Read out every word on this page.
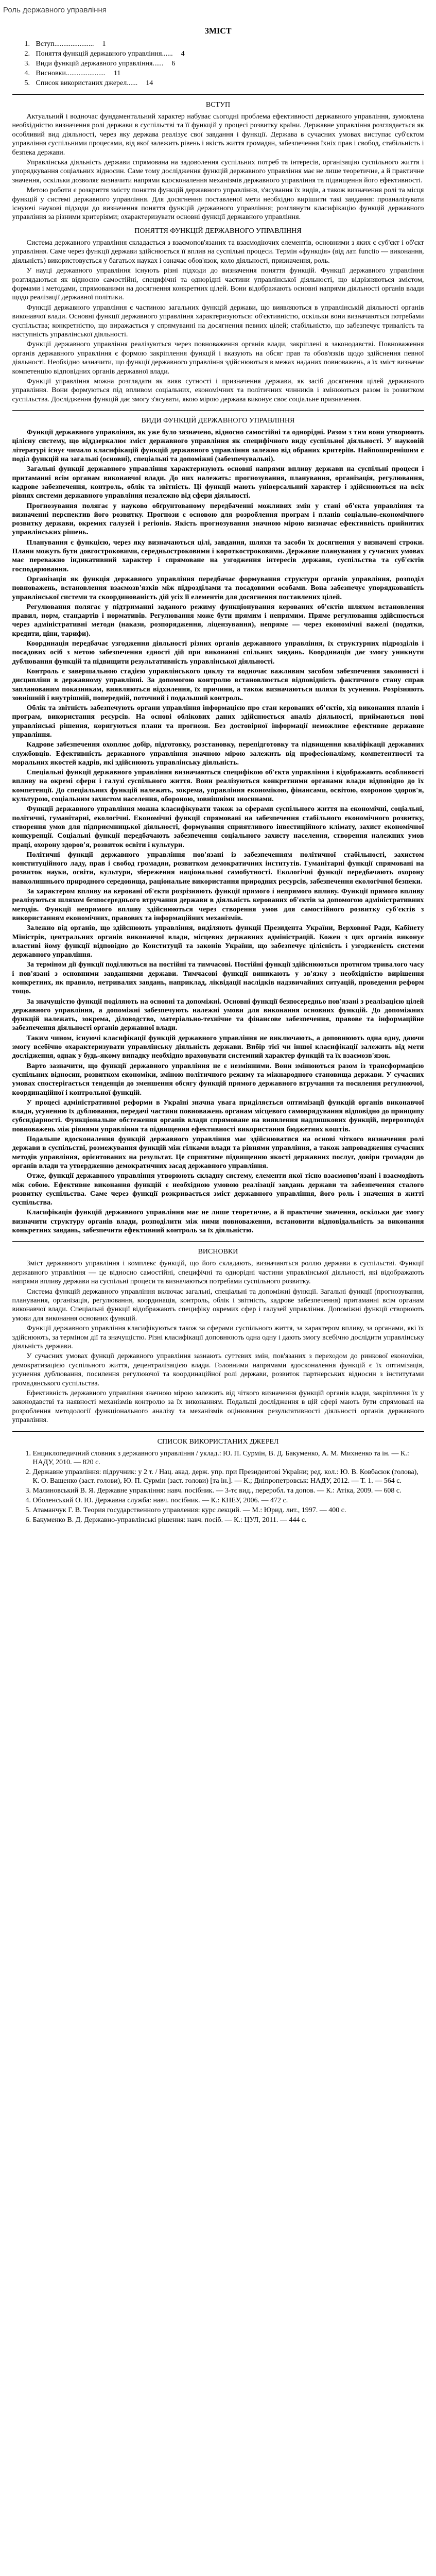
Роль державного управління
ЗМІСТ
1. Вступ ...................... 1
2. Поняття функцій державного управління ...... 4
3. Види функцій державного управління ...... 6
4. Висновки ...................... 11
5. Список використаних джерел ...... 14
ВСТУП

Актуальний і водночас фундаментальний характер набуває сьогодні проблема ефективності державного управління, зумовлена необхідністю визначення ролі держави в суспільстві та її функцій у процесі розвитку країни. Державне управління розглядається як особливий вид діяльності, через яку держава реалізує свої завдання і функції. Держава в сучасних умовах виступає суб'єктом управління суспільними процесами, від якої залежить рівень і якість життя громадян, забезпечення їхніх прав і свобод, стабільність і безпека держави.

Управлінська діяльність держави спрямована на задоволення суспільних потреб та інтересів, організацію суспільного життя і упорядкування соціальних відносин. Саме тому дослідження функцій державного управління має не лише теоретичне, а й практичне значення, оскільки дозволяє визначити напрями вдосконалення механізмів державного управління та підвищення його ефективності.

Метою роботи є розкриття змісту поняття функцій державного управління, з'ясування їх видів, а також визначення ролі та місця функцій у системі державного управління. Для досягнення поставленої мети необхідно вирішити такі завдання: проаналізувати існуючі наукові підходи до визначення поняття функцій державного управління; розглянути класифікацію функцій державного управління за різними критеріями; охарактеризувати основні функції державного управління.

ПОНЯТТЯ ФУНКЦІЙ ДЕРЖАВНОГО УПРАВЛІННЯ

Система державного управління складається з взаємопов'язаних та взаємодіючих елементів, основними з яких є суб'єкт і об'єкт управління. Саме через функції держави здійснюється її вплив на суспільні процеси. Термін «функція» (від лат. functio — виконання, діяльність) використовується у багатьох науках і означає обов'язок, коло діяльності, призначення, роль.

У науці державного управління існують різні підходи до визначення поняття функцій. Функції державного управління розглядаються як відносно самостійні, специфічні та однорідні частини управлінської діяльності, що відрізняються змістом, формами і методами, спрямованими на досягнення конкретних цілей. Вони відображають основні напрями діяльності органів влади щодо реалізації державної політики.

Функції державного управління є частиною загальних функцій держави, що виявляються в управлінській діяльності органів виконавчої влади. Основні функції державного управління характеризуються: об'єктивністю, оскільки вони визначаються потребами суспільства; конкретністю, що виражається у спрямуванні на досягнення певних цілей; стабільністю, що забезпечує тривалість та наступність управлінської діяльності.

Функції державного управління реалізуються через повноваження органів влади, закріплені в законодавстві. Повноваження органів державного управління є формою закріплення функцій і вказують на обсяг прав та обов'язків щодо здійснення певної діяльності. Необхідно зазначити, що функції державного управління здійснюються в межах наданих повноважень, а їх зміст визначає компетенцію відповідних органів державної влади.

Функції управління можна розглядати як вияв сутності і призначення держави, як засіб досягнення цілей державного управління. Вони формуються під впливом соціальних, економічних та політичних чинників і змінюються разом із розвитком суспільства. Дослідження функцій дає змогу з'ясувати, якою мірою держава виконує своє соціальне призначення.

ВИДИ ФУНКЦІЙ ДЕРЖАВНОГО УПРАВЛІННЯ

Функції державного управління, як уже було зазначено, відносно самостійні та однорідні. Разом з тим вони утворюють цілісну систему, що віддзеркалює зміст державного управління як специфічного виду суспільної діяльності. У науковій літературі існує чимало класифікацій функцій державного управління залежно від обраних критеріїв. Найпоширенішим є поділ функцій на загальні (основні), спеціальні та допоміжні (забезпечувальні).

Загальні функції державного управління характеризують основні напрями впливу держави на суспільні процеси і притаманні всім органам виконавчої влади. До них належать: прогнозування, планування, організація, регулювання, кадрове забезпечення, контроль, облік та звітність. Ці функції мають універсальний характер і здійснюються на всіх рівнях системи державного управління незалежно від сфери діяльності.

Прогнозування полягає у науково обґрунтованому передбаченні можливих змін у стані об'єкта управління та визначенні перспектив його розвитку. Прогнози є основою для розроблення програм і планів соціально-економічного розвитку держави, окремих галузей і регіонів. Якість прогнозування значною мірою визначає ефективність прийнятих управлінських рішень.

Планування є функцією, через яку визначаються цілі, завдання, шляхи та засоби їх досягнення у визначені строки. Плани можуть бути довгостроковими, середньостроковими і короткостроковими. Державне планування у сучасних умовах має переважно індикативний характер і спрямоване на узгодження інтересів держави, суспільства та суб'єктів господарювання.

Організація як функція державного управління передбачає формування структури органів управління, розподіл повноважень, встановлення взаємозв'язків між підрозділами та посадовими особами. Вона забезпечує упорядкованість управлінської системи та скоординованість дій усіх її елементів для досягнення поставлених цілей.

Регулювання полягає у підтриманні заданого режиму функціонування керованих об'єктів шляхом встановлення правил, норм, стандартів і нормативів. Регулювання може бути прямим і непрямим. Пряме регулювання здійснюється через адміністративні методи (накази, розпорядження, ліцензування), непряме — через економічні важелі (податки, кредити, ціни, тарифи).

Координація передбачає узгодження діяльності різних органів державного управління, їх структурних підрозділів і посадових осіб з метою забезпечення єдності дій при виконанні спільних завдань. Координація дає змогу уникнути дублювання функцій та підвищити результативність управлінської діяльності.

Контроль є завершальною стадією управлінського циклу та водночас важливим засобом забезпечення законності і дисципліни в державному управлінні. За допомогою контролю встановлюється відповідність фактичного стану справ запланованим показникам, виявляються відхилення, їх причини, а також визначаються шляхи їх усунення. Розрізняють зовнішній і внутрішній, попередній, поточний і подальший контроль.

Облік та звітність забезпечують органи управління інформацією про стан керованих об'єктів, хід виконання планів і програм, використання ресурсів. На основі облікових даних здійснюється аналіз діяльності, приймаються нові управлінські рішення, коригуються плани та прогнози. Без достовірної інформації неможливе ефективне державне управління.

Кадрове забезпечення охоплює добір, підготовку, розстановку, перепідготовку та підвищення кваліфікації державних службовців. Ефективність державного управління значною мірою залежить від професіоналізму, компетентності та моральних якостей кадрів, які здійснюють управлінську діяльність.

Спеціальні функції державного управління визначаються специфікою об'єкта управління і відображають особливості впливу на окремі сфери і галузі суспільного життя. Вони реалізуються конкретними органами влади відповідно до їх компетенції. До спеціальних функцій належать, зокрема, управління економікою, фінансами, освітою, охороною здоров'я, культурою, соціальним захистом населення, обороною, зовнішніми зносинами.

Функції державного управління можна класифікувати також за сферами суспільного життя на економічні, соціальні, політичні, гуманітарні, екологічні. Економічні функції спрямовані на забезпечення стабільного економічного розвитку, створення умов для підприємницької діяльності, формування сприятливого інвестиційного клімату, захист економічної конкуренції. Соціальні функції передбачають забезпечення соціального захисту населення, створення належних умов праці, охорону здоров'я, розвиток освіти і культури.

Політичні функції державного управління пов'язані із забезпеченням політичної стабільності, захистом конституційного ладу, прав і свобод громадян, розвитком демократичних інститутів. Гуманітарні функції спрямовані на розвиток науки, освіти, культури, збереження національної самобутності. Екологічні функції передбачають охорону навколишнього природного середовища, раціональне використання природних ресурсів, забезпечення екологічної безпеки.

За характером впливу на керовані об'єкти розрізняють функції прямого і непрямого впливу. Функції прямого впливу реалізуються шляхом безпосереднього втручання держави в діяльність керованих об'єктів за допомогою адміністративних методів. Функції непрямого впливу здійснюються через створення умов для самостійного розвитку суб'єктів з використанням економічних, правових та інформаційних механізмів.

Залежно від органів, що здійснюють управління, виділяють функції Президента України, Верховної Ради, Кабінету Міністрів, центральних органів виконавчої влади, місцевих державних адміністрацій. Кожен з цих органів виконує властиві йому функції відповідно до Конституції та законів України, що забезпечує цілісність і узгодженість системи державного управління.

За терміном дії функції поділяються на постійні та тимчасові. Постійні функції здійснюються протягом тривалого часу і пов'язані з основними завданнями держави. Тимчасові функції виникають у зв'язку з необхідністю вирішення конкретних, як правило, нетривалих завдань, наприклад, ліквідації наслідків надзвичайних ситуацій, проведення реформ тощо.

За значущістю функції поділяють на основні та допоміжні. Основні функції безпосередньо пов'язані з реалізацією цілей державного управління, а допоміжні забезпечують належні умови для виконання основних функцій. До допоміжних функцій належать, зокрема, діловодство, матеріально-технічне та фінансове забезпечення, правове та інформаційне забезпечення діяльності органів державної влади.

Таким чином, існуючі класифікації функцій державного управління не виключають, а доповнюють одна одну, даючи змогу всебічно охарактеризувати управлінську діяльність держави. Вибір тієї чи іншої класифікації залежить від мети дослідження, однак у будь-якому випадку необхідно враховувати системний характер функцій та їх взаємозв'язок.

Варто зазначити, що функції державного управління не є незмінними. Вони змінюються разом із трансформацією суспільних відносин, розвитком економіки, зміною політичного режиму та міжнародного становища держави. У сучасних умовах спостерігається тенденція до зменшення обсягу функцій прямого державного втручання та посилення регулюючої, координаційної і контрольної функцій.

У процесі адміністративної реформи в Україні значна увага приділяється оптимізації функцій органів виконавчої влади, усуненню їх дублювання, передачі частини повноважень органам місцевого самоврядування відповідно до принципу субсидіарності. Функціональне обстеження органів влади спрямоване на виявлення надлишкових функцій, перерозподіл повноважень між рівнями управління та підвищення ефективності використання бюджетних коштів.

Подальше вдосконалення функцій державного управління має здійснюватися на основі чіткого визначення ролі держави в суспільстві, розмежування функцій між гілками влади та рівнями управління, а також запровадження сучасних методів управління, орієнтованих на результат. Це сприятиме підвищенню якості державних послуг, довіри громадян до органів влади та утвердженню демократичних засад державного управління.

Отже, функції державного управління утворюють складну систему, елементи якої тісно взаємопов'язані і взаємодіють між собою. Ефективне виконання функцій є необхідною умовою реалізації завдань держави та забезпечення сталого розвитку суспільства. Саме через функції розкривається зміст державного управління, його роль і значення в житті суспільства.

Класифікація функцій державного управління має не лише теоретичне, а й практичне значення, оскільки дає змогу визначити структуру органів влади, розподілити між ними повноваження, встановити відповідальність за виконання конкретних завдань, забезпечити ефективний контроль за їх діяльністю.

ВИСНОВКИ

Зміст державного управління і комплекс функцій, що його складають, визначаються роллю держави в суспільстві. Функції державного управління — це відносно самостійні, специфічні та однорідні частини управлінської діяльності, які відображають напрями впливу держави на суспільні процеси та визначаються потребами суспільного розвитку.

Система функцій державного управління включає загальні, спеціальні та допоміжні функції. Загальні функції (прогнозування, планування, організація, регулювання, координація, контроль, облік і звітність, кадрове забезпечення) притаманні всім органам виконавчої влади. Спеціальні функції відображають специфіку окремих сфер і галузей управління. Допоміжні функції створюють умови для виконання основних функцій.

Функції державного управління класифікуються також за сферами суспільного життя, за характером впливу, за органами, які їх здійснюють, за терміном дії та значущістю. Різні класифікації доповнюють одна одну і дають змогу всебічно дослідити управлінську діяльність держави.

У сучасних умовах функції державного управління зазнають суттєвих змін, пов'язаних з переходом до ринкової економіки, демократизацією суспільного життя, децентралізацією влади. Головними напрямами вдосконалення функцій є їх оптимізація, усунення дублювання, посилення регулюючої та координаційної ролі держави, розвиток партнерських відносин з інститутами громадянського суспільства.

Ефективність державного управління значною мірою залежить від чіткого визначення функцій органів влади, закріплення їх у законодавстві та наявності механізмів контролю за їх виконанням. Подальші дослідження в цій сфері мають бути спрямовані на розроблення методології функціонального аналізу та механізмів оцінювання результативності діяльності органів державного управління.

СПИСОК ВИКОРИСТАНИХ ДЖЕРЕЛ
1. Енциклопедичний словник з державного управління / уклад.: Ю. П. Сурмін, В. Д. Бакуменко, А. М. Михненко та ін. — К.: НАДУ, 2010. — 820 с.
2. Державне управління: підручник: у 2 т. / Нац. акад. держ. упр. при Президентові України; ред. кол.: Ю. В. Ковбасюк (голова), К. О. Ващенко (заст. голови), Ю. П. Сурмін (заст. голови) [та ін.]. — К.; Дніпропетровськ: НАДУ, 2012. — Т. 1. — 564 с.
3. Малиновський В. Я. Державне управління: навч. посібник. — 3-тє вид., переробл. та допов. — К.: Атіка, 2009. — 608 с.
4. Оболенський О. Ю. Державна служба: навч. посібник. — К.: КНЕУ, 2006. — 472 с.
5. Атаманчук Г. В. Теория государственного управления: курс лекций. — М.: Юрид. лит., 1997. — 400 с.
6. Бакуменко В. Д. Державно-управлінські рішення: навч. посіб. — К.: ЦУЛ, 2011. — 444 с.
